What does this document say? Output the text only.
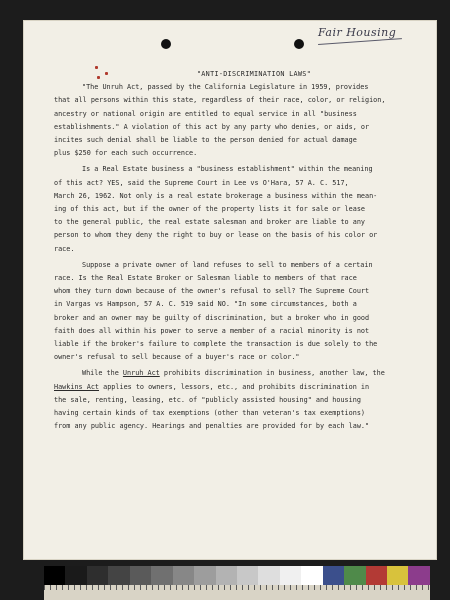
Fair Housing
"ANTI-DISCRIMINATION LAWS"
"The Unruh Act, passed by the California Legislature in 1959, provides
that all persons within this state, regardless of their race, color, or religion,
ancestry or national origin are entitled to equal service in all "business
establishments." A violation of this act by any party who denies, or aids, or
incites such denial shall be liable to the person denied for actual damage
plus $250 for each such occurrence.
Is a Real Estate business a "business establishment" within the meaning
of this act? YES, said the Supreme Court in Lee vs O'Hara, 57 A. C. 517,
March 26, 1962. Not only is a real estate brokerage a business within the mean-
ing of this act, but if the owner of the property lists it for sale or lease
to the general public, the real estate salesman and broker are liable to any
person to whom they deny the right to buy or lease on the basis of his color or
race.
Suppose a private owner of land refuses to sell to members of a certain
race. Is the Real Estate Broker or Salesman liable to members of that race
whom they turn down because of the owner's refusal to sell? The Supreme Court
in Vargas vs Hampson, 57 A. C. 519 said NO. "In some circumstances, both a
broker and an owner may be guilty of discrimination, but a broker who in good
faith does all within his power to serve a member of a racial minority is not
liable if the broker's failure to complete the transaction is due solely to the
owner's refusal to sell because of a buyer's race or color."
While the Unruh Act prohibits discrimination in business, another law, the
Hawkins Act applies to owners, lessors, etc., and prohibits discrimination in
the sale, renting, leasing, etc. of "publicly assisted housing" and housing
having certain kinds of tax exemptions (other than veteran's tax exemptions)
from any public agency. Hearings and penalties are provided for by each law."
